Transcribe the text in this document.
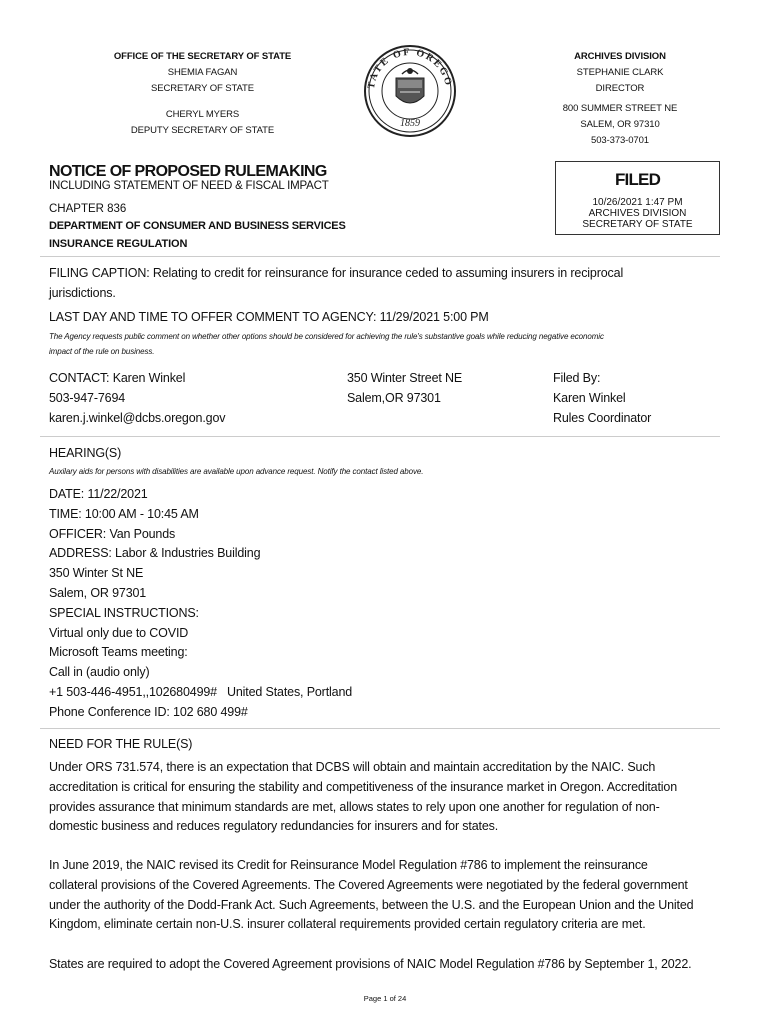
OFFICE OF THE SECRETARY OF STATE
SHEMIA FAGAN
SECRETARY OF STATE
CHERYL MYERS
DEPUTY SECRETARY OF STATE
TATE OF OREGO
1859
ARCHIVES DIVISION
STEPHANIE CLARK
DIRECTOR
800 SUMMER STREET NE
SALEM, OR 97310
503-373-0701
NOTICE OF PROPOSED RULEMAKING
INCLUDING STATEMENT OF NEED & FISCAL IMPACT
CHAPTER 836
DEPARTMENT OF CONSUMER AND BUSINESS SERVICES
INSURANCE REGULATION
FILED
10/26/2021 1:47 PM
ARCHIVES DIVISION
SECRETARY OF STATE
FILING CAPTION: Relating to credit for reinsurance for insurance ceded to assuming insurers in reciprocal
jurisdictions.
LAST DAY AND TIME TO OFFER COMMENT TO AGENCY: 11/29/2021 5:00 PM
The Agency requests public comment on whether other options should be considered for achieving the rule's substantive goals while reducing negative economic
impact of the rule on business.
CONTACT: Karen Winkel
503-947-7694
karen.j.winkel@dcbs.oregon.gov
350 Winter Street NE
Salem,OR 97301
Filed By:
Karen Winkel
Rules Coordinator
HEARING(S)
Auxilary aids for persons with disabilities are available upon advance request. Notify the contact listed above.
DATE: 11/22/2021
TIME: 10:00 AM - 10:45 AM
OFFICER: Van Pounds
ADDRESS: Labor & Industries Building
350 Winter St NE
Salem, OR 97301
SPECIAL INSTRUCTIONS:
Virtual only due to COVID
Microsoft Teams meeting:
Call in (audio only)
+1 503-446-4951,,102680499#   United States, Portland
Phone Conference ID: 102 680 499#
NEED FOR THE RULE(S)
Under ORS 731.574, there is an expectation that DCBS will obtain and maintain accreditation by the NAIC. Such
accreditation is critical for ensuring the stability and competitiveness of the insurance market in Oregon. Accreditation
provides assurance that minimum standards are met, allows states to rely upon one another for regulation of non-
domestic business and reduces regulatory redundancies for insurers and for states.
In June 2019, the NAIC revised its Credit for Reinsurance Model Regulation #786 to implement the reinsurance
collateral provisions of the Covered Agreements. The Covered Agreements were negotiated by the federal government
under the authority of the Dodd-Frank Act. Such Agreements, between the U.S. and the European Union and the United
Kingdom, eliminate certain non-U.S. insurer collateral requirements provided certain regulatory criteria are met.
States are required to adopt the Covered Agreement provisions of NAIC Model Regulation #786 by September 1, 2022.
Page 1 of 24
